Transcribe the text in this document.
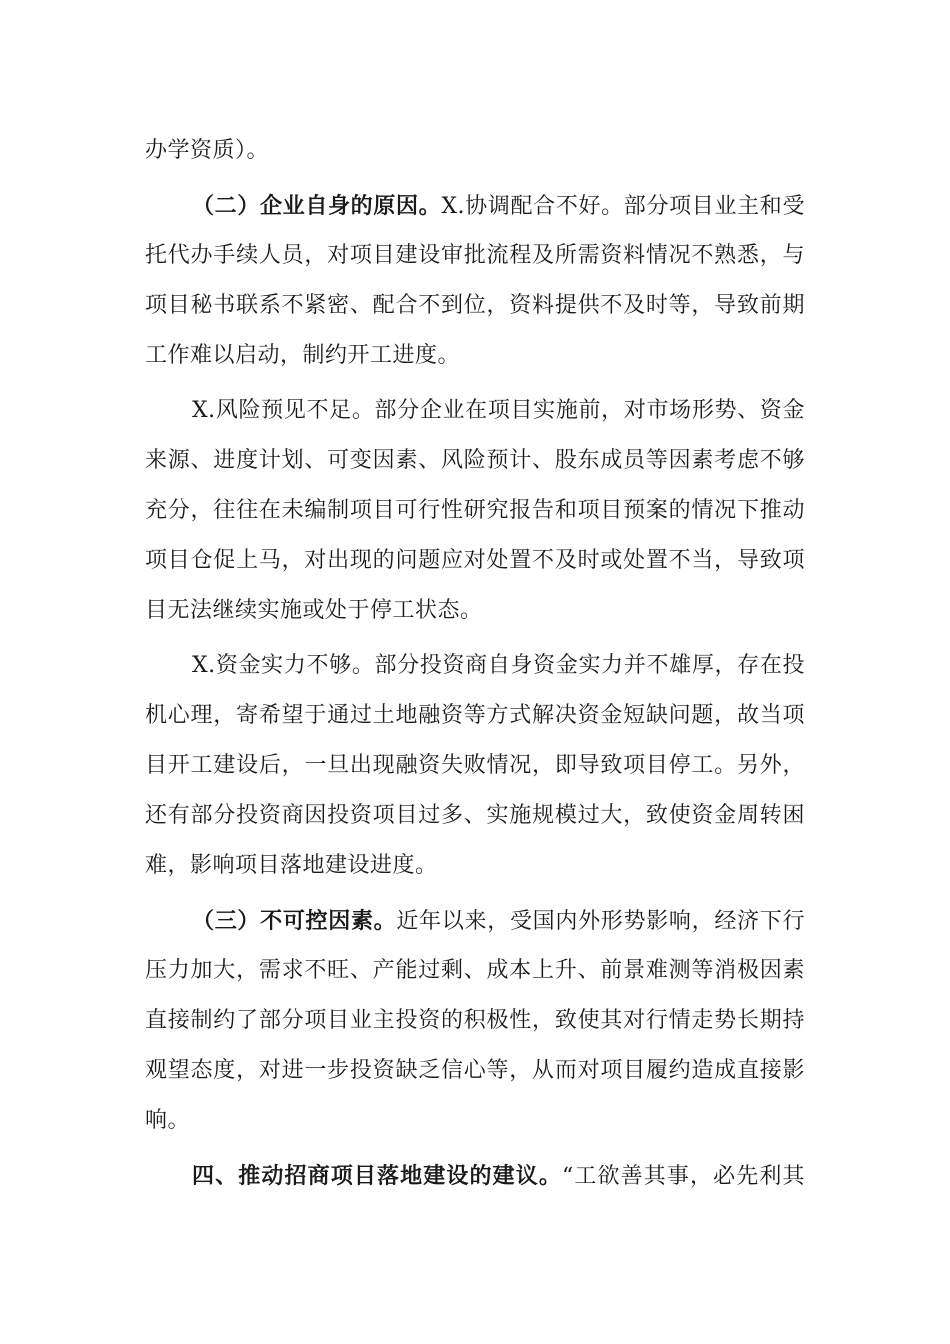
办学资质）。
（二）企业自身的原因。X.协调配合不好。部分项目业主和受
托代办手续人员，对项目建设审批流程及所需资料情况不熟悉，与
项目秘书联系不紧密、配合不到位，资料提供不及时等，导致前期
工作难以启动，制约开工进度。
X.风险预见不足。部分企业在项目实施前，对市场形势、资金
来源、进度计划、可变因素、风险预计、股东成员等因素考虑不够
充分，往往在未编制项目可行性研究报告和项目预案的情况下推动
项目仓促上马，对出现的问题应对处置不及时或处置不当，导致项
目无法继续实施或处于停工状态。
X.资金实力不够。部分投资商自身资金实力并不雄厚，存在投
机心理，寄希望于通过土地融资等方式解决资金短缺问题，故当项
目开工建设后，一旦出现融资失败情况，即导致项目停工。另外，
还有部分投资商因投资项目过多、实施规模过大，致使资金周转困
难，影响项目落地建设进度。
（三）不可控因素。近年以来，受国内外形势影响，经济下行
压力加大，需求不旺、产能过剩、成本上升、前景难测等消极因素
直接制约了部分项目业主投资的积极性，致使其对行情走势长期持
观望态度，对进一步投资缺乏信心等，从而对项目履约造成直接影
响。
四、推动招商项目落地建设的建议。“工欲善其事，必先利其
